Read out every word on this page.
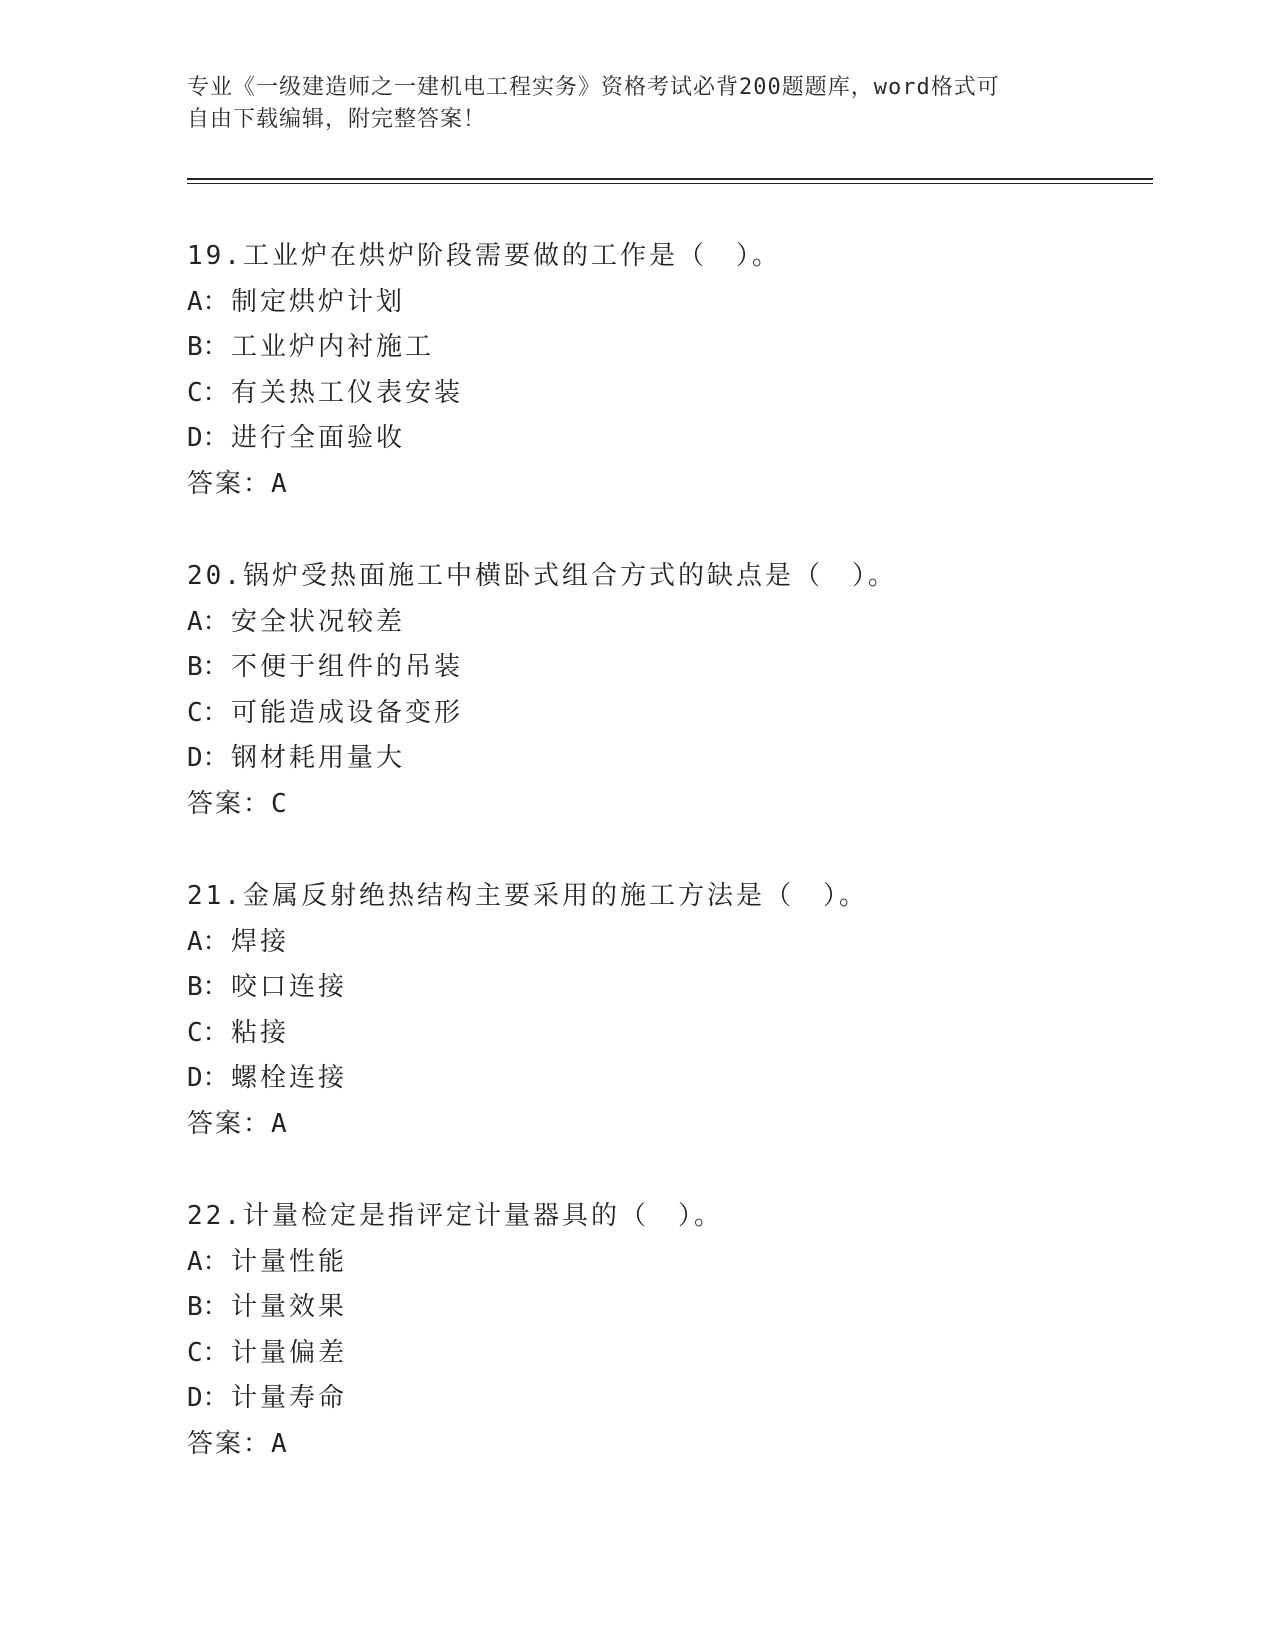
专业《一级建造师之一建机电工程实务》资格考试必背200题题库，word格式可
自由下载编辑，附完整答案！
19.工业炉在烘炉阶段需要做的工作是（　）。
A：制定烘炉计划
B：工业炉内衬施工
C：有关热工仪表安装
D：进行全面验收
答案：A
20.锅炉受热面施工中横卧式组合方式的缺点是（　）。
A：安全状况较差
B：不便于组件的吊装
C：可能造成设备变形
D：钢材耗用量大
答案：C
21.金属反射绝热结构主要采用的施工方法是（　）。
A：焊接
B：咬口连接
C：粘接
D：螺栓连接
答案：A
22.计量检定是指评定计量器具的（　）。
A：计量性能
B：计量效果
C：计量偏差
D：计量寿命
答案：A
